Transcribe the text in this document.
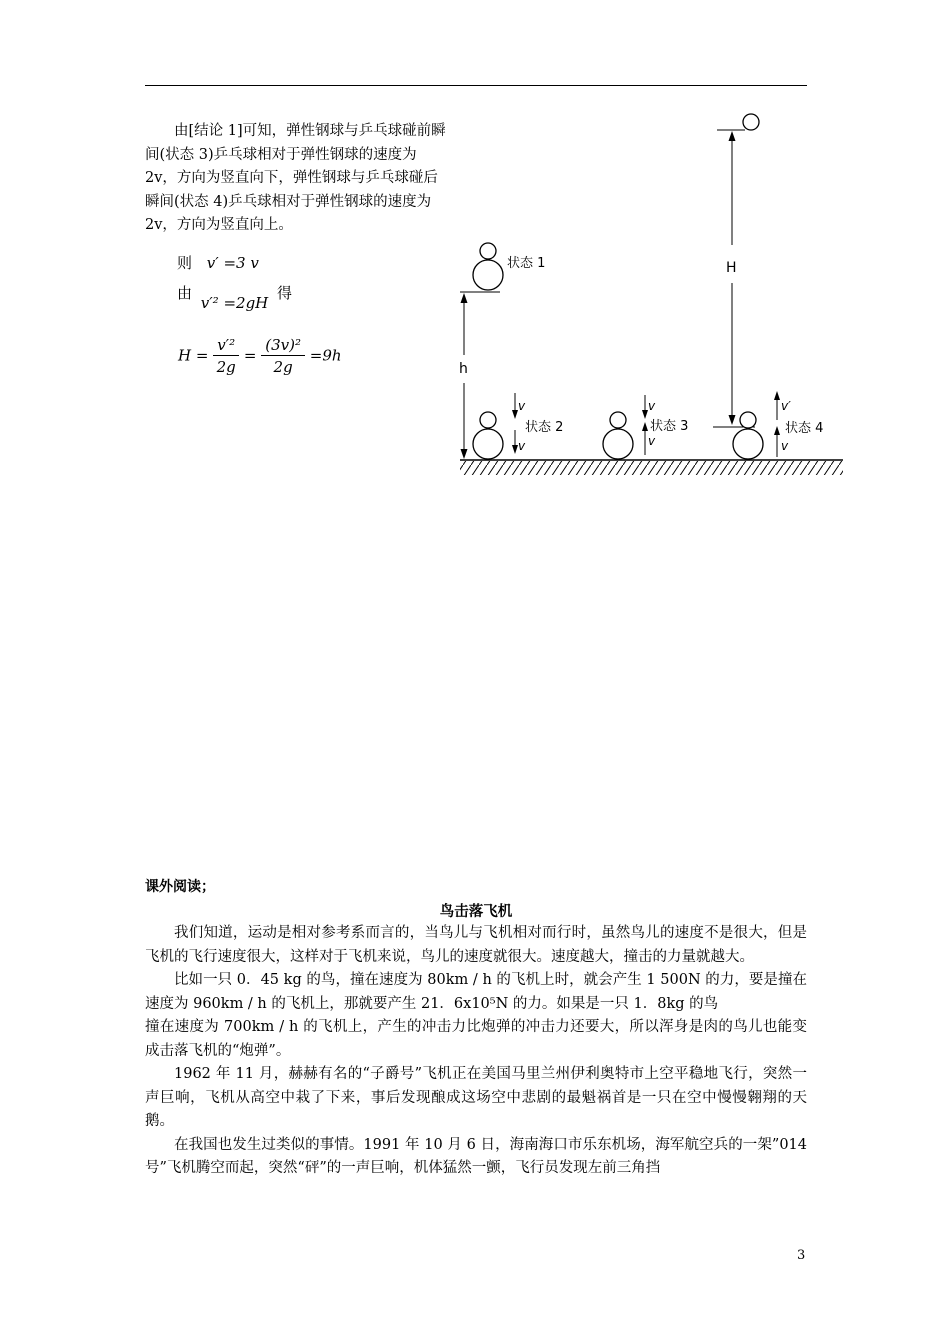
由[结论 1]可知，弹性钢球与乒乓球碰前瞬间(状态 3)乒乓球相对于弹性钢球的速度为 2v，方向为竖直向下，弹性钢球与乒乓球碰后瞬间(状态 4)乒乓球相对于弹性钢球的速度为 2v，方向为竖直向上。

则 v′ =3 v
由 v′² =2gH 得
$H = \frac{\text{v′²}}{2g} = \frac{\text{(3v)²}}{2g} =9h$
状态 1
h
v
状态 2
v
v
状态 3
v
H
v′
状态 4
v
课外阅读；
鸟击落飞机

我们知道，运动是相对参考系而言的，当鸟儿与飞机相对而行时，虽然鸟儿的速度不是很大，但是飞机的飞行速度很大，这样对于飞机来说，鸟儿的速度就很大。速度越大，撞击的力量就越大。

比如一只 0．45 kg 的鸟，撞在速度为 80km / h 的飞机上时，就会产生 1 500N 的力，要是撞在速度为 960km / h 的飞机上，那就要产生 21．6x10⁵N 的力。如果是一只 1．8kg 的鸟

撞在速度为 700km / h 的飞机上，产生的冲击力比炮弹的冲击力还要大，所以浑身是肉的鸟儿也能变成击落飞机的“炮弹”。

1962 年 11 月，赫赫有名的“子爵号”飞机正在美国马里兰州伊利奥特市上空平稳地飞行，突然一声巨响，飞机从高空中栽了下来，事后发现酿成这场空中悲剧的最魁祸首是一只在空中慢慢翱翔的天鹅。

在我国也发生过类似的事情。1991 年 10 月 6 日，海南海口市乐东机场，海军航空兵的一架”014 号”飞机腾空而起，突然“砰”的一声巨响，机体猛然一颤，飞行员发现左前三角挡

3
